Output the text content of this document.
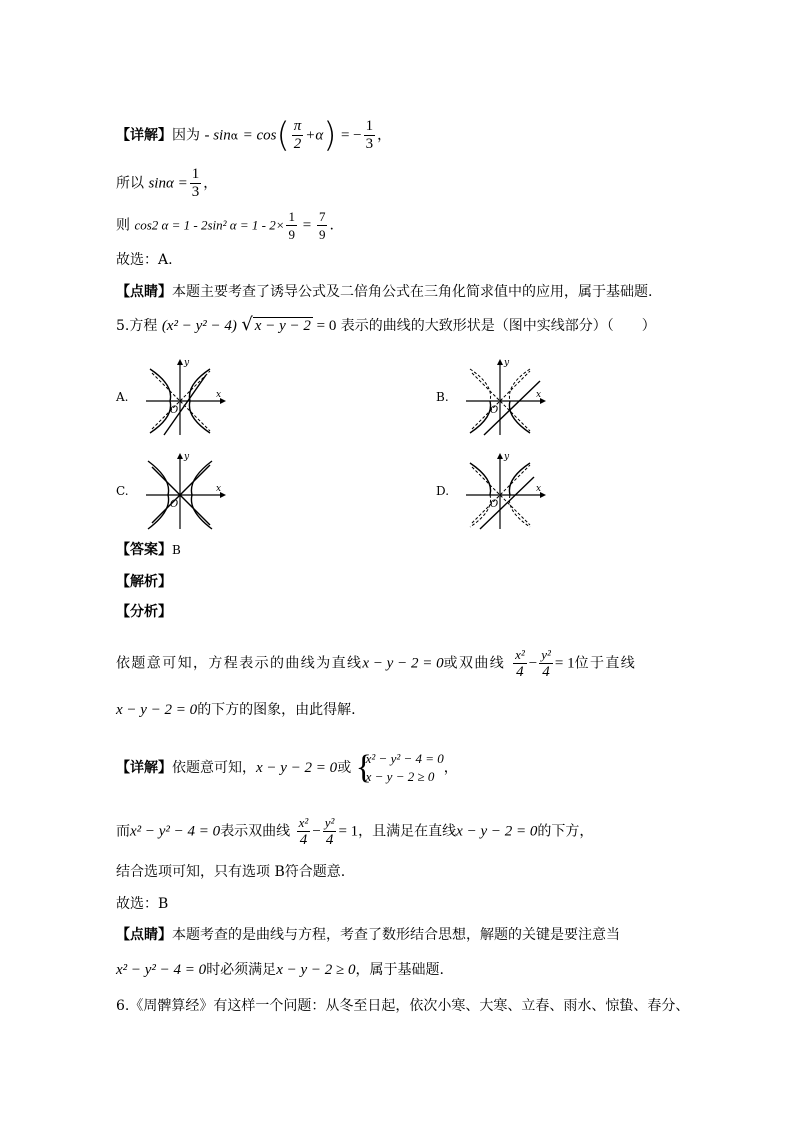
【详解】因为 - $\sin\alpha = \cos( \frac{\pi}{2} +\alpha)$ = − $\frac{1}{3}$ ，
所以 $\sin\alpha = \frac{1}{3}$ ，
则 cos2 α = 1 - 2sin² $\alpha = 1 - 2\times \frac{1}{9} = \frac{7}{9}$ .
故选：A.
【点睛】本题主要考查了诱导公式及二倍角公式在三角化简求值中的应用，属于基础题.
5.方程 (x² − y² − 4) √ x − y − 2 = 0 表示的曲线的大致形状是（图中实线部分）（　　）
A.	B.
C.	D.
y
x
O
y
x
O
y
x
O
y
x
O
【答案】B
【解析】
【分析】
依题意可知，方程表示的曲线为直线x − y − 2 = 0或双曲线 $\frac{\text{x²}}{4} - \frac{\text{y²}}{4} = 1$位于直线
x − y − 2 = 0的下方的图象，由此得解.
【详解】依题意可知，x − y − 2 = 0或 {
x² − y² − 4 = 0
x − y − 2 ≥ 0
，
而x² − y² − 4 = 0表示双曲线 $\frac{\text{x²}}{4} - \frac{\text{y²}}{4} = 1$，且满足在直线x − y − 2 = 0的下方，
结合选项可知，只有选项 B符合题意.
故选：B
【点睛】本题考查的是曲线与方程，考查了数形结合思想，解题的关键是要注意当
x² − y² − 4 = 0时必须满足x − y − 2 ≥ 0，属于基础题.
6.《周髀算经》有这样一个问题：从冬至日起，依次小寒、大寒、立春、雨水、惊蛰、春分、
